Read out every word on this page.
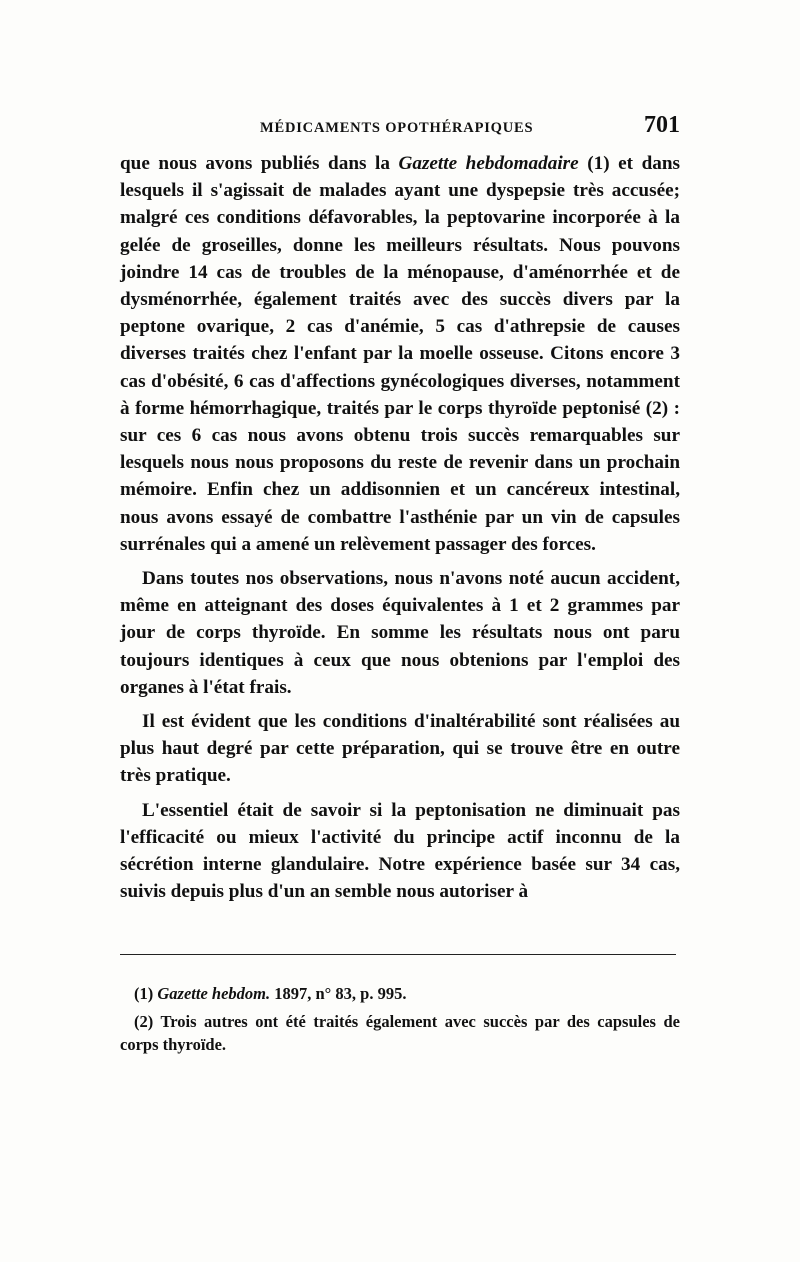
MÉDICAMENTS OPOTHÉRAPIQUES	701

que nous avons publiés dans la Gazette hebdomadaire (1) et dans lesquels il s'agissait de malades ayant une dyspepsie très accusée; malgré ces conditions défavorables, la peptovarine incorporée à la gelée de groseilles, donne les meilleurs résultats. Nous pouvons joindre 14 cas de troubles de la ménopause, d'aménorrhée et de dysménorrhée, également traités avec des succès divers par la peptone ovarique, 2 cas d'anémie, 5 cas d'athrepsie de causes diverses traités chez l'enfant par la moelle osseuse. Citons encore 3 cas d'obésité, 6 cas d'affections gynécologiques diverses, notamment à forme hémorrhagique, traités par le corps thyroïde peptonisé (2) : sur ces 6 cas nous avons obtenu trois succès remarquables sur lesquels nous nous proposons du reste de revenir dans un prochain mémoire. Enfin chez un addisonnien et un cancéreux intestinal, nous avons essayé de combattre l'asthénie par un vin de capsules surrénales qui a amené un relèvement passager des forces.

Dans toutes nos observations, nous n'avons noté aucun accident, même en atteignant des doses équivalentes à 1 et 2 grammes par jour de corps thyroïde. En somme les résultats nous ont paru toujours identiques à ceux que nous obtenions par l'emploi des organes à l'état frais.

Il est évident que les conditions d'inaltérabilité sont réalisées au plus haut degré par cette préparation, qui se trouve être en outre très pratique.

L'essentiel était de savoir si la peptonisation ne diminuait pas l'efficacité ou mieux l'activité du principe actif inconnu de la sécrétion interne glandulaire. Notre expérience basée sur 34 cas, suivis depuis plus d'un an semble nous autoriser à

(1) Gazette hebdom. 1897, n° 83, p. 995.

(2) Trois autres ont été traités également avec succès par des capsules de corps thyroïde.
